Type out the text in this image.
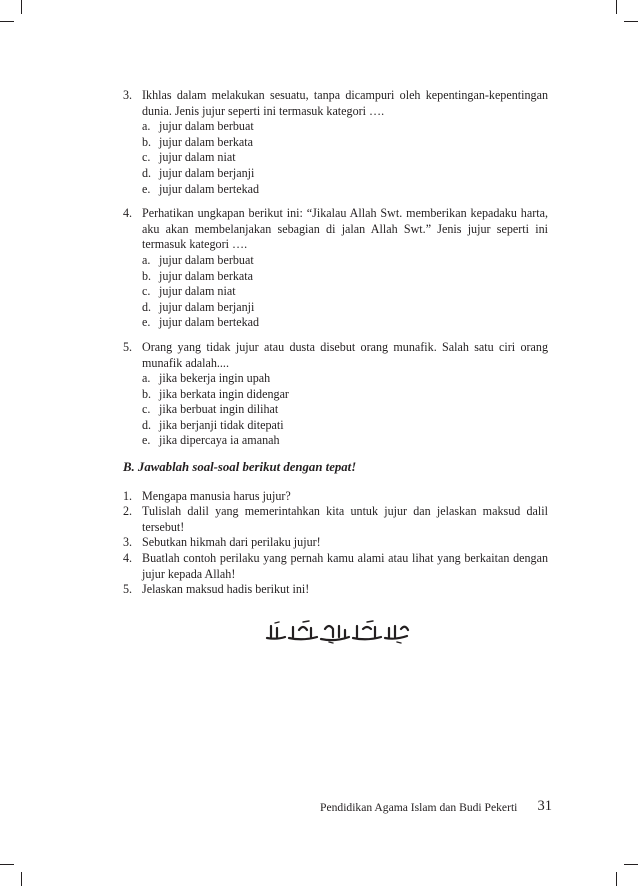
3. Ikhlas dalam melakukan sesuatu, tanpa dicampuri oleh kepentingan-kepentingan dunia. Jenis jujur seperti ini termasuk kategori ….
a. jujur dalam berbuat
b. jujur dalam berkata
c. jujur dalam niat
d. jujur dalam berjanji
e. jujur dalam bertekad
4. Perhatikan ungkapan berikut ini: “Jikalau Allah Swt. memberikan kepadaku harta, aku akan membelanjakan sebagian di jalan Allah Swt.” Jenis jujur seperti ini termasuk kategori ….
a. jujur dalam berbuat
b. jujur dalam berkata
c. jujur dalam niat
d. jujur dalam berjanji
e. jujur dalam bertekad
5. Orang yang tidak jujur atau dusta disebut orang munafik. Salah satu ciri orang munafik adalah....
a. jika bekerja ingin upah
b. jika berkata ingin didengar
c. jika berbuat ingin dilihat
d. jika berjanji tidak ditepati
e. jika dipercaya ia amanah
B. Jawablah soal-soal berikut dengan tepat!
1. Mengapa manusia harus jujur?
2. Tulislah dalil yang memerintahkan kita untuk jujur dan jelaskan maksud dalil tersebut!
3. Sebutkan hikmah dari perilaku jujur!
4. Buatlah contoh perilaku yang pernah kamu alami atau lihat yang berkaitan dengan jujur kepada Allah!
5. Jelaskan maksud hadis berikut ini!
Pendidikan Agama Islam dan Budi Pekerti 31
